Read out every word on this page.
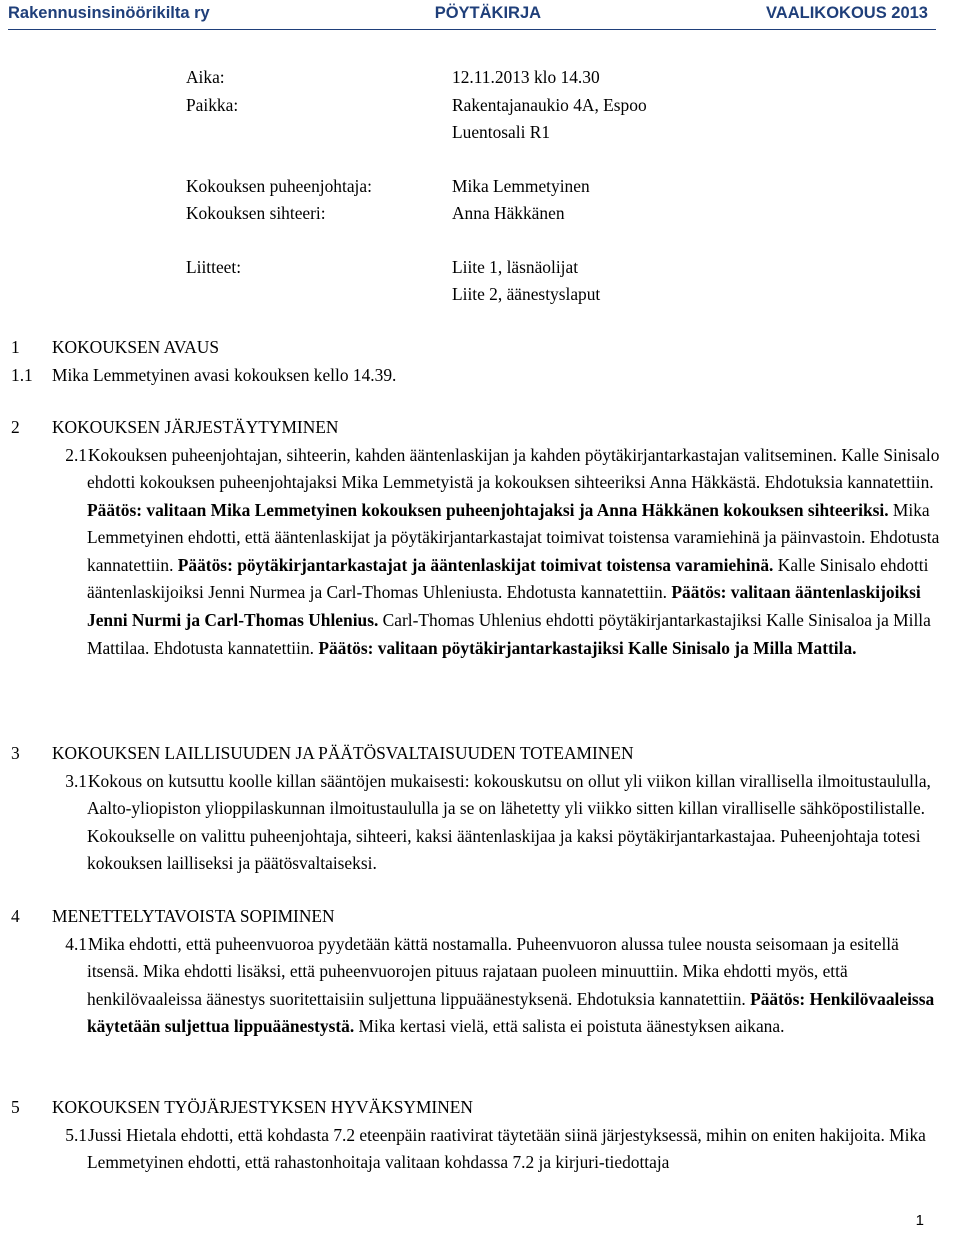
Rakennusinsinöörikilta ry	PÖYTÄKIRJA	VAALIKOKOUS 2013
Aika:	12.11.2013 klo 14.30
Paikka:	Rakentajanaukio 4A, Espoo
Luentosali R1
Kokouksen puheenjohtaja:	Mika Lemmetyinen
Kokouksen sihteeri:	Anna Häkkänen
Liitteet:	Liite 1, läsnäolijat
Liite 2, äänestyslaput
1	KOKOUKSEN AVAUS
1.1	Mika Lemmetyinen avasi kokouksen kello 14.39.
2	KOKOUKSEN JÄRJESTÄYTYMINEN
2.1 Kokouksen puheenjohtajan, sihteerin, kahden ääntenlaskijan ja kahden pöytäkirjantarkastajan valitseminen. Kalle Sinisalo ehdotti kokouksen puheenjohtajaksi Mika Lemmetyistä ja kokouksen sihteeriksi Anna Häkkästä. Ehdotuksia kannatettiin. Päätös: valitaan Mika Lemmetyinen kokouksen puheenjohtajaksi ja Anna Häkkänen kokouksen sihteeriksi. Mika Lemmetyinen ehdotti, että ääntenlaskijat ja pöytäkirjantarkastajat toimivat toistensa varamiehinä ja päinvastoin. Ehdotusta kannatettiin. Päätös: pöytäkirjantarkastajat ja ääntenlaskijat toimivat toistensa varamiehinä. Kalle Sinisalo ehdotti ääntenlaskijoiksi Jenni Nurmea ja Carl-Thomas Uhleniusta. Ehdotusta kannatettiin. Päätös: valitaan ääntenlaskijoiksi Jenni Nurmi ja Carl-Thomas Uhlenius. Carl-Thomas Uhlenius ehdotti pöytäkirjantarkastajiksi Kalle Sinisaloa ja Milla Mattilaa. Ehdotusta kannatettiin. Päätös: valitaan pöytäkirjantarkastajiksi Kalle Sinisalo ja Milla Mattila.
3	KOKOUKSEN LAILLISUUDEN JA PÄÄTÖSVALTAISUUDEN TOTEAMINEN
3.1 Kokous on kutsuttu koolle killan sääntöjen mukaisesti: kokouskutsu on ollut yli viikon killan virallisella ilmoitustaululla, Aalto-yliopiston ylioppilaskunnan ilmoitustaululla ja se on lähetetty yli viikko sitten killan viralliselle sähköpostilistalle. Kokoukselle on valittu puheenjohtaja, sihteeri, kaksi ääntenlaskijaa ja kaksi pöytäkirjantarkastajaa. Puheenjohtaja totesi kokouksen lailliseksi ja päätösvaltaiseksi.
4	MENETTELYTAVOISTA SOPIMINEN
4.1 Mika ehdotti, että puheenvuoroa pyydetään kättä nostamalla. Puheenvuoron alussa tulee nousta seisomaan ja esitellä itsensä. Mika ehdotti lisäksi, että puheenvuorojen pituus rajataan puoleen minuuttiin. Mika ehdotti myös, että henkilövaaleissa äänestys suoritettaisiin suljettuna lippuäänestyksenä. Ehdotuksia kannatettiin. Päätös: Henkilövaaleissa käytetään suljettua lippuäänestystä. Mika kertasi vielä, että salista ei poistuta äänestyksen aikana.
5	KOKOUKSEN TYÖJÄRJESTYKSEN HYVÄKSYMINEN
5.1 Jussi Hietala ehdotti, että kohdasta 7.2 eteenpäin raativirat täytetään siinä järjestyksessä, mihin on eniten hakijoita. Mika Lemmetyinen ehdotti, että rahastonhoitaja valitaan kohdassa 7.2 ja kirjuri-tiedottaja
1
